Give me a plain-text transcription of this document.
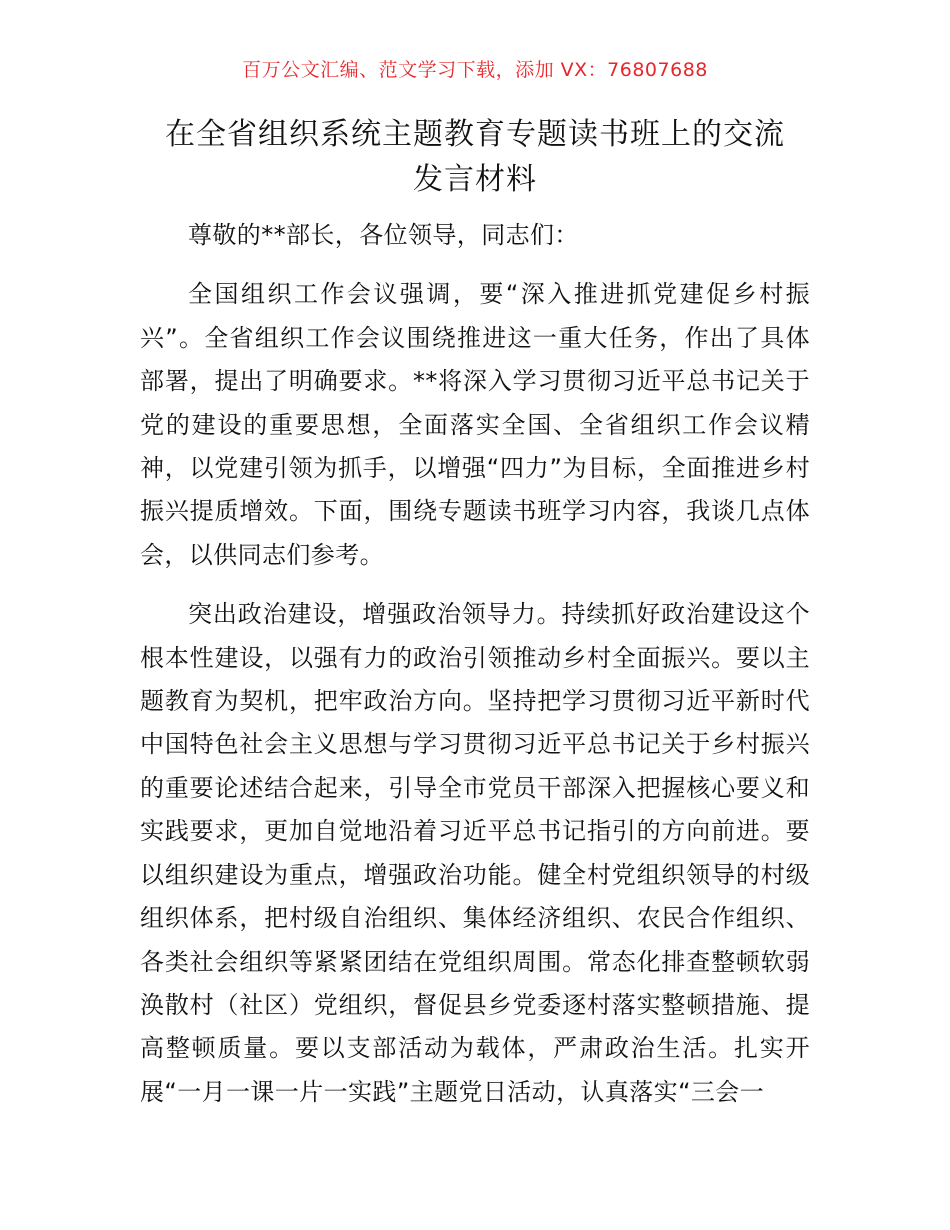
百万公文汇编、范文学习下载，添加 VX：76807688
在全省组织系统主题教育专题读书班上的交流
发言材料

尊敬的**部长，各位领导，同志们：

全国组织工作会议强调，要“深入推进抓党建促乡村振兴”。全省组织工作会议围绕推进这一重大任务，作出了具体部署，提出了明确要求。**将深入学习贯彻习近平总书记关于党的建设的重要思想，全面落实全国、全省组织工作会议精神，以党建引领为抓手，以增强“四力”为目标，全面推进乡村振兴提质增效。下面，围绕专题读书班学习内容，我谈几点体会，以供同志们参考。

突出政治建设，增强政治领导力。持续抓好政治建设这个根本性建设，以强有力的政治引领推动乡村全面振兴。要以主题教育为契机，把牢政治方向。坚持把学习贯彻习近平新时代中国特色社会主义思想与学习贯彻习近平总书记关于乡村振兴的重要论述结合起来，引导全市党员干部深入把握核心要义和实践要求，更加自觉地沿着习近平总书记指引的方向前进。要以组织建设为重点，增强政治功能。健全村党组织领导的村级组织体系，把村级自治组织、集体经济组织、农民合作组织、各类社会组织等紧紧团结在党组织周围。常态化排查整顿软弱涣散村（社区）党组织，督促县乡党委逐村落实整顿措施、提高整顿质量。要以支部活动为载体，严肃政治生活。扎实开展“一月一课一片一实践”主题党日活动，认真落实“三会一
